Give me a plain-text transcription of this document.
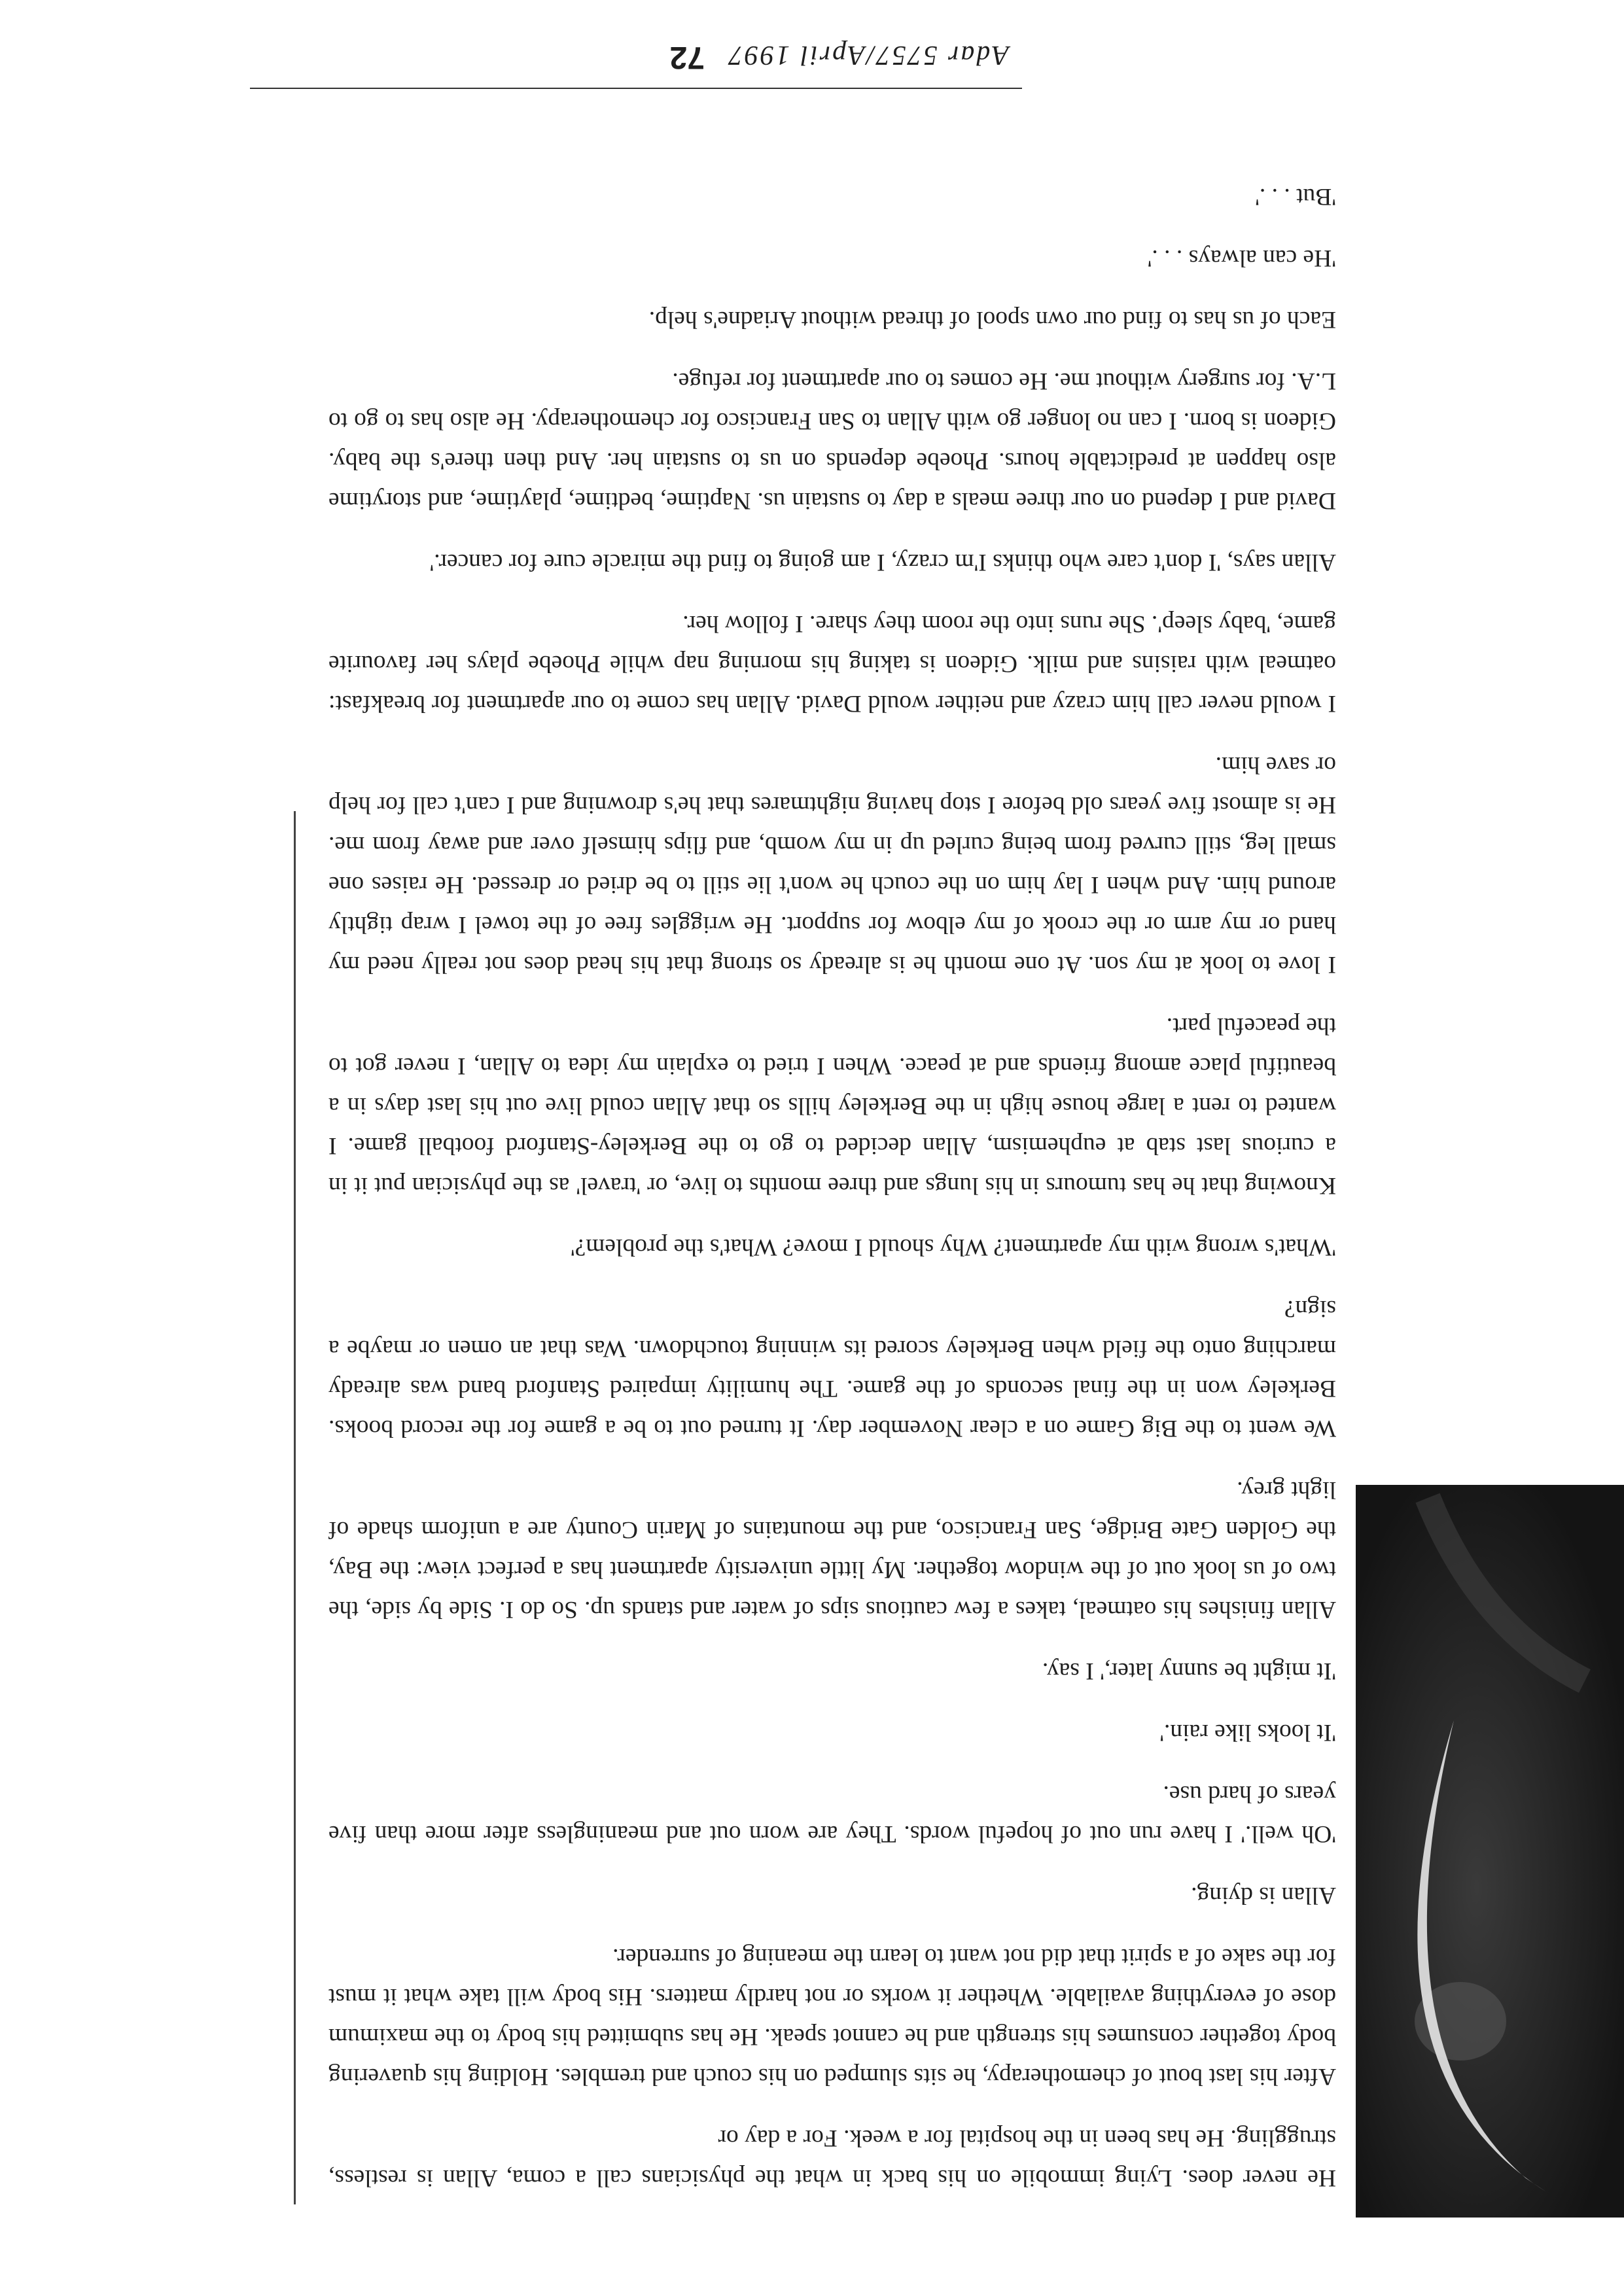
He never does. Lying immobile on his back in what the physicians call a coma, Allan is restless, struggling. He has been in the hospital for a week. For a day or

After his last bout of chemotherapy, he sits slumped on his couch and trembles. Holding his quavering body together consumes his strength and he cannot speak. He has submitted his body to the maximum dose of everything available. Whether it works or not hardly matters. His body will take what it must for the sake of a spirit that did not want to learn the meaning of surrender.

Allan is dying.

'Oh well.' I have run out of hopeful words. They are worn out and meaningless after more than five years of hard use.

'It looks like rain.'

'It might be sunny later,' I say.

Allan finishes his oatmeal, takes a few cautious sips of water and stands up. So do I. Side by side, the two of us look out of the window together. My little university apartment has a perfect view: the Bay, the Golden Gate Bridge, San Francisco, and the mountains of Marin County are a uniform shade of light grey.

We went to the Big Game on a clear November day. It turned out to be a game for the record books. Berkeley won in the final seconds of the game. The humility impaired Stanford band was already marching onto the field when Berkeley scored its winning touchdown. Was that an omen or maybe a sign?

'What's wrong with my apartment? Why should I move? What's the problem?'

Knowing that he has tumours in his lungs and three months to live, or 'travel' as the physician put it in a curious last stab at euphemism, Allan decided to go to the Berkeley-Stanford football game. I wanted to rent a large house high in the Berkeley hills so that Allan could live out his last days in a beautiful place among friends and at peace. When I tried to explain my idea to Allan, I never got to the peaceful part.

I love to look at my son. At one month he is already so strong that his head does not really need my hand or my arm or the crook of my elbow for support. He wriggles free of the towel I wrap tightly around him. And when I lay him on the couch he won't lie still to be dried or dressed. He raises one small leg, still curved from being curled up in my womb, and flips himself over and away from me. He is almost five years old before I stop having nightmares that he's drowning and I can't call for help or save him.

I would never call him crazy and neither would David. Allan has come to our apartment for breakfast: oatmeal with raisins and milk. Gideon is taking his morning nap while Phoebe plays her favourite game, 'baby sleep'. She runs into the room they share. I follow her.

Allan says, 'I don't care who thinks I'm crazy, I am going to find the miracle cure for cancer.'

David and I depend on our three meals a day to sustain us. Naptime, bedtime, playtime, and storytime also happen at predictable hours. Phoebe depends on us to sustain her. And then there's the baby. Gideon is born. I can no longer go with Allan to San Francisco for chemotherapy. He also has to go to L.A. for surgery without me. He comes to our apartment for refuge.

Each of us has to find our own spool of thread without Ariadne's help.

'He can always . . .'

'But . . .'

Adar 5757/April 1997
72
